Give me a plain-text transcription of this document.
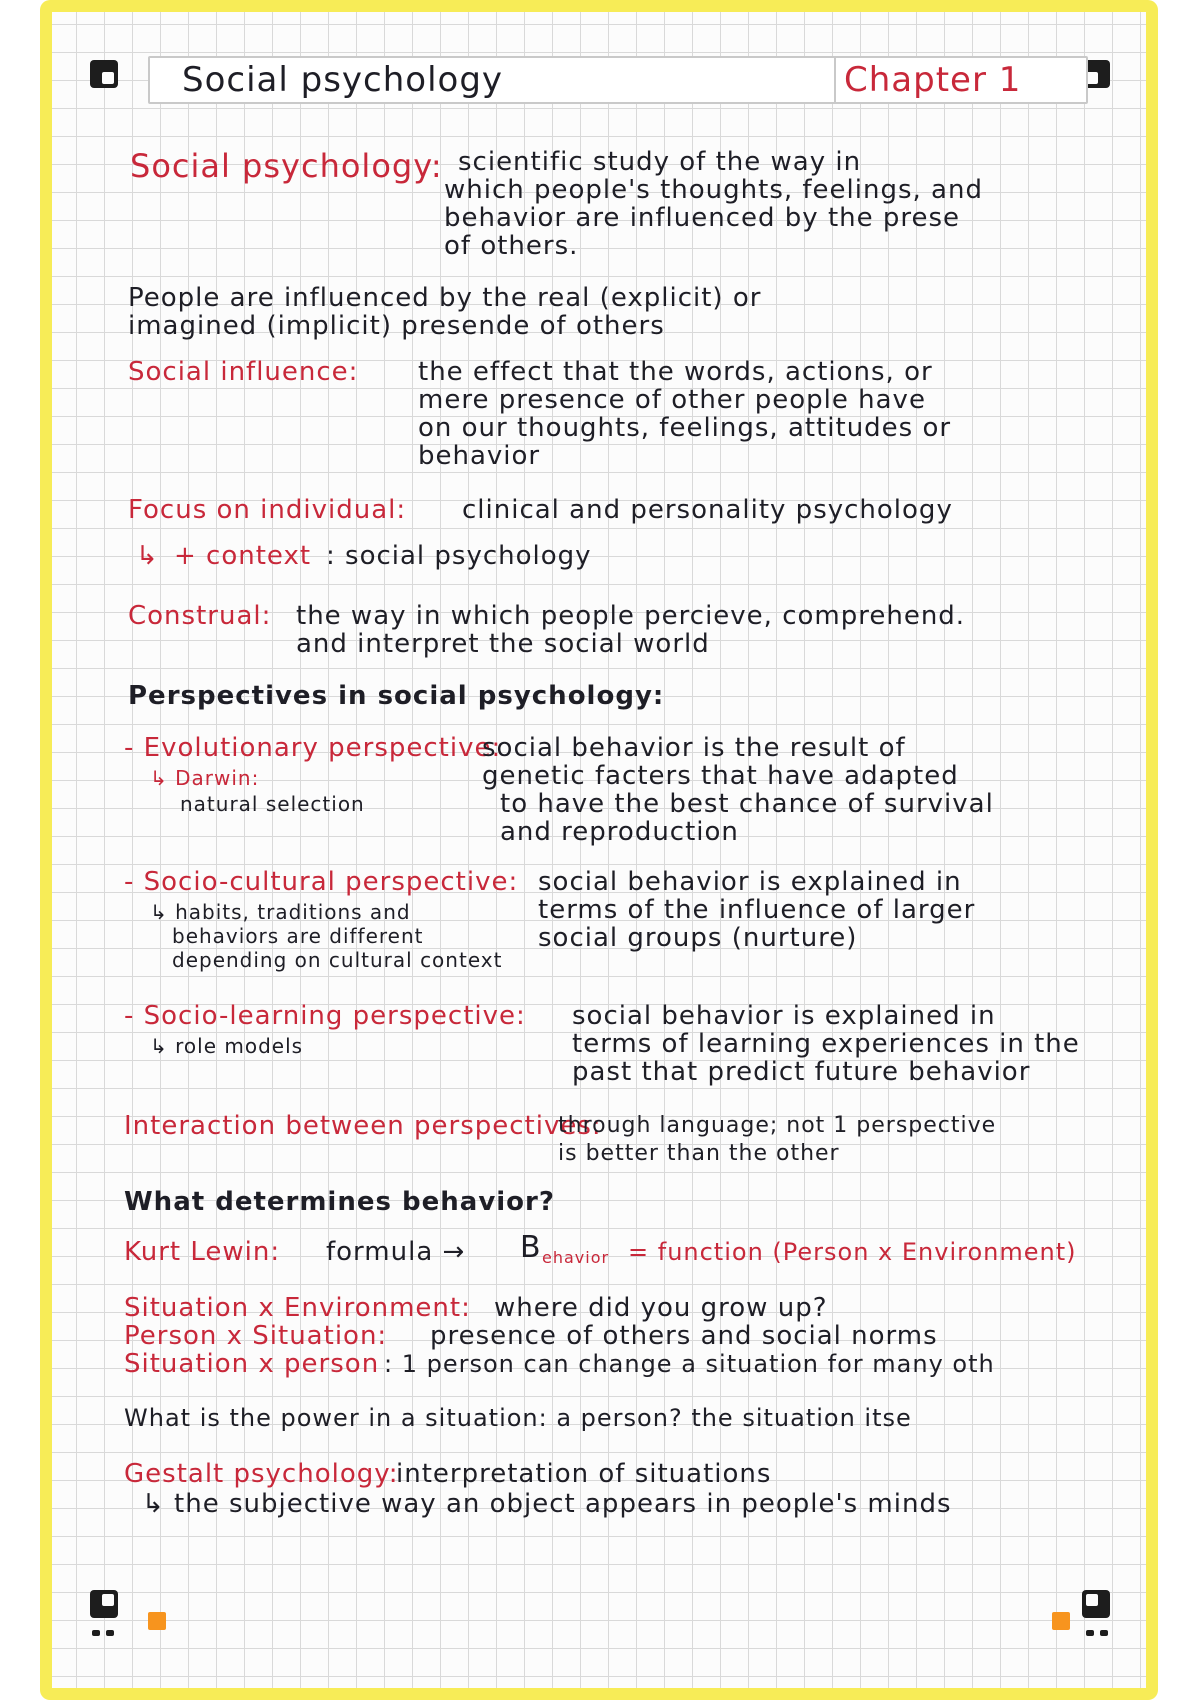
Social psychology	Chapter 1
Social psychology: scientific study of the way in
which people's thoughts, feelings, and
behavior are influenced by the prese
of others.
People are influenced by the real (explicit) or
imagined (implicit) presende of others
Social influence: the effect that the words, actions, or
mere presence of other people have
on our thoughts, feelings, attitudes or
behavior
Focus on individual: clinical and personality psychology
↳ + context : social psychology
Construal: the way in which people percieve, comprehend.
and interpret the social world
Perspectives in social psychology:
- Evolutionary perspective:
↳ Darwin:
natural selection
social behavior is the result of
genetic facters that have adapted
to have the best chance of survival
and reproduction
- Socio-cultural perspective:
↳ habits, traditions and
behaviors are different
depending on cultural context
social behavior is explained in
terms of the influence of larger
social groups (nurture)
- Socio-learning perspective:
↳ role models
social behavior is explained in
terms of learning experiences in the
past that predict future behavior
Interaction between perspectives:
through language; not 1 perspective
is better than the other
What determines behavior?
Kurt Lewin: formula → B ehavior = function (Person x Environment)
Situation x Environment: where did you grow up?
Person x Situation: presence of others and social norms
Situation x person : 1 person can change a situation for many oth
What is the power in a situation: a person? the situation itse
Gestalt psychology:
interpretation of situations
↳ the subjective way an object appears in people's minds
